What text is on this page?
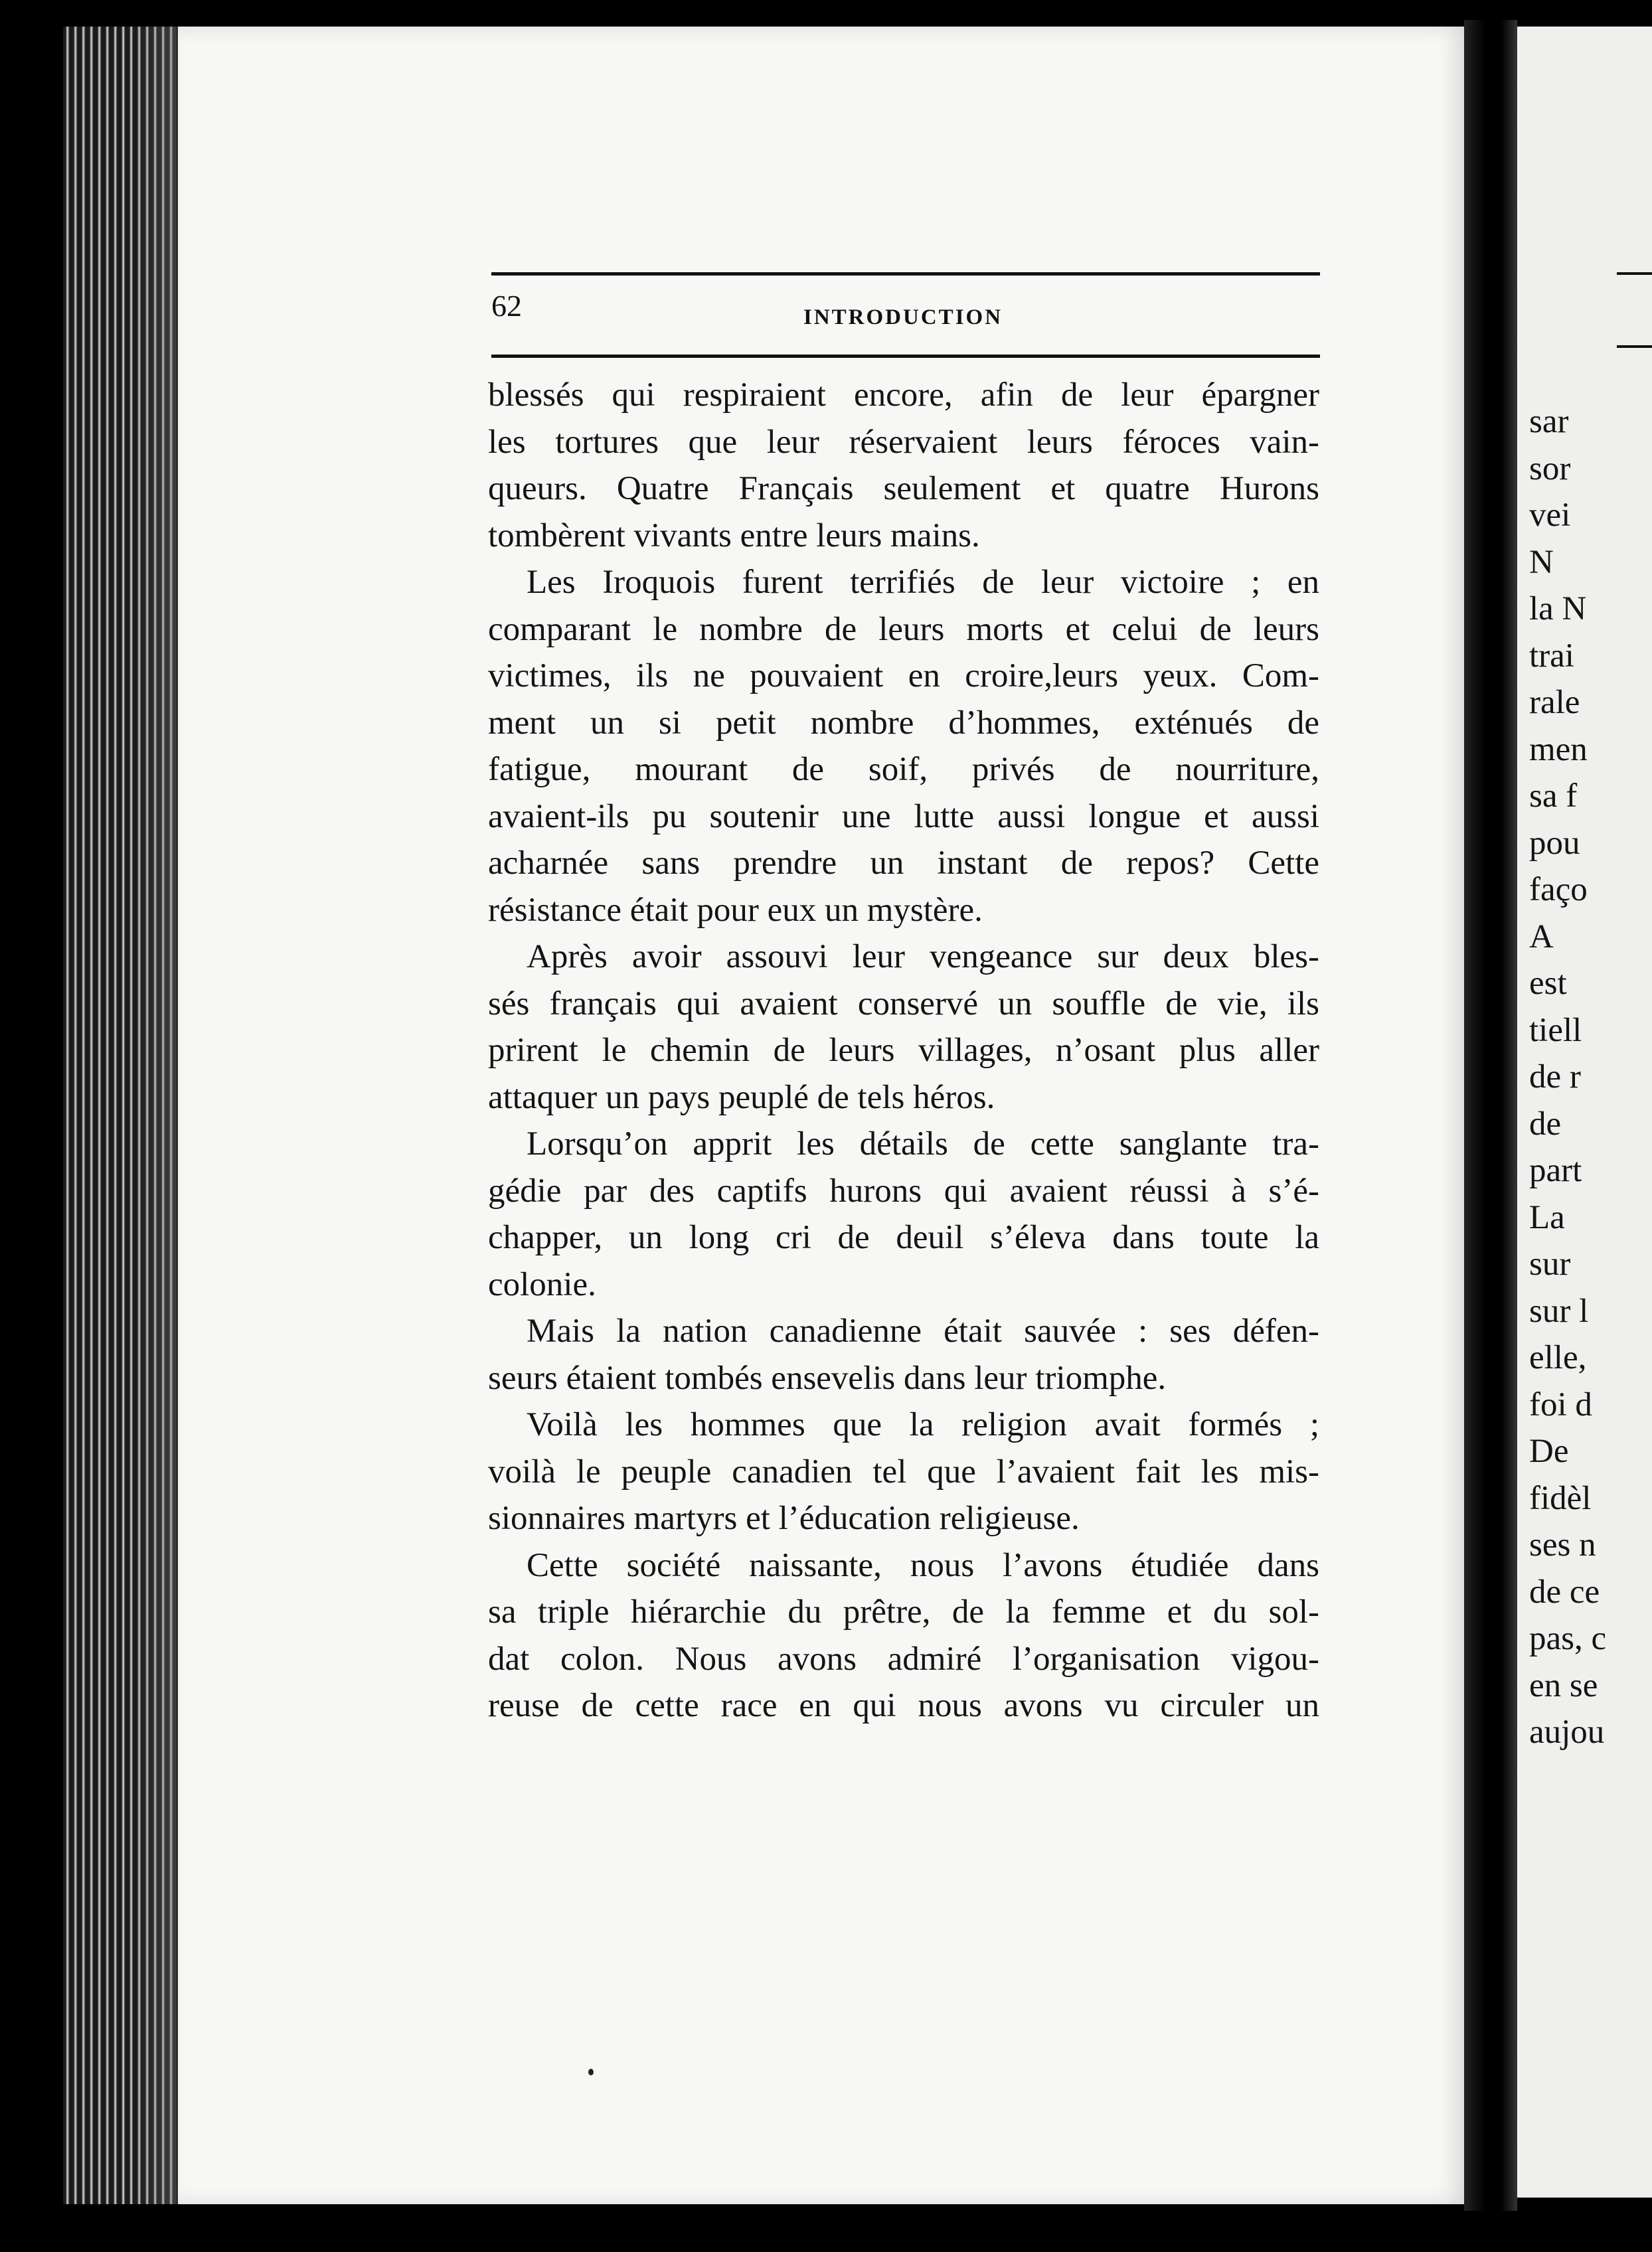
62	INTRODUCTION
blessés qui respiraient encore, afin de leur épargner
les tortures que leur réservaient leurs féroces vain-
queurs. Quatre Français seulement et quatre Hurons
tombèrent vivants entre leurs mains.
Les Iroquois furent terrifiés de leur victoire ; en
comparant le nombre de leurs morts et celui de leurs
victimes, ils ne pouvaient en croire,leurs yeux. Com-
ment un si petit nombre d’hommes, exténués de
fatigue, mourant de soif, privés de nourriture,
avaient-ils pu soutenir une lutte aussi longue et aussi
acharnée sans prendre un instant de repos? Cette
résistance était pour eux un mystère.
Après avoir assouvi leur vengeance sur deux bles-
sés français qui avaient conservé un souffle de vie, ils
prirent le chemin de leurs villages, n’osant plus aller
attaquer un pays peuplé de tels héros.
Lorsqu’on apprit les détails de cette sanglante tra-
gédie par des captifs hurons qui avaient réussi à s’é-
chapper, un long cri de deuil s’éleva dans toute la
colonie.
Mais la nation canadienne était sauvée : ses défen-
seurs étaient tombés ensevelis dans leur triomphe.
Voilà les hommes que la religion avait formés ;
voilà le peuple canadien tel que l’avaient fait les mis-
sionnaires martyrs et l’éducation religieuse.
Cette société naissante, nous l’avons étudiée dans
sa triple hiérarchie du prêtre, de la femme et du sol-
dat colon. Nous avons admiré l’organisation vigou-
reuse de cette race en qui nous avons vu circuler un
sar
sor
vei
N
la N
trai
rale
men
sa f
pou
faço
A
est
tiell
de r
de
part
La
sur
sur l
elle,
foi d
De
fidèl
ses n
de ce
pas, c
en se
aujou
